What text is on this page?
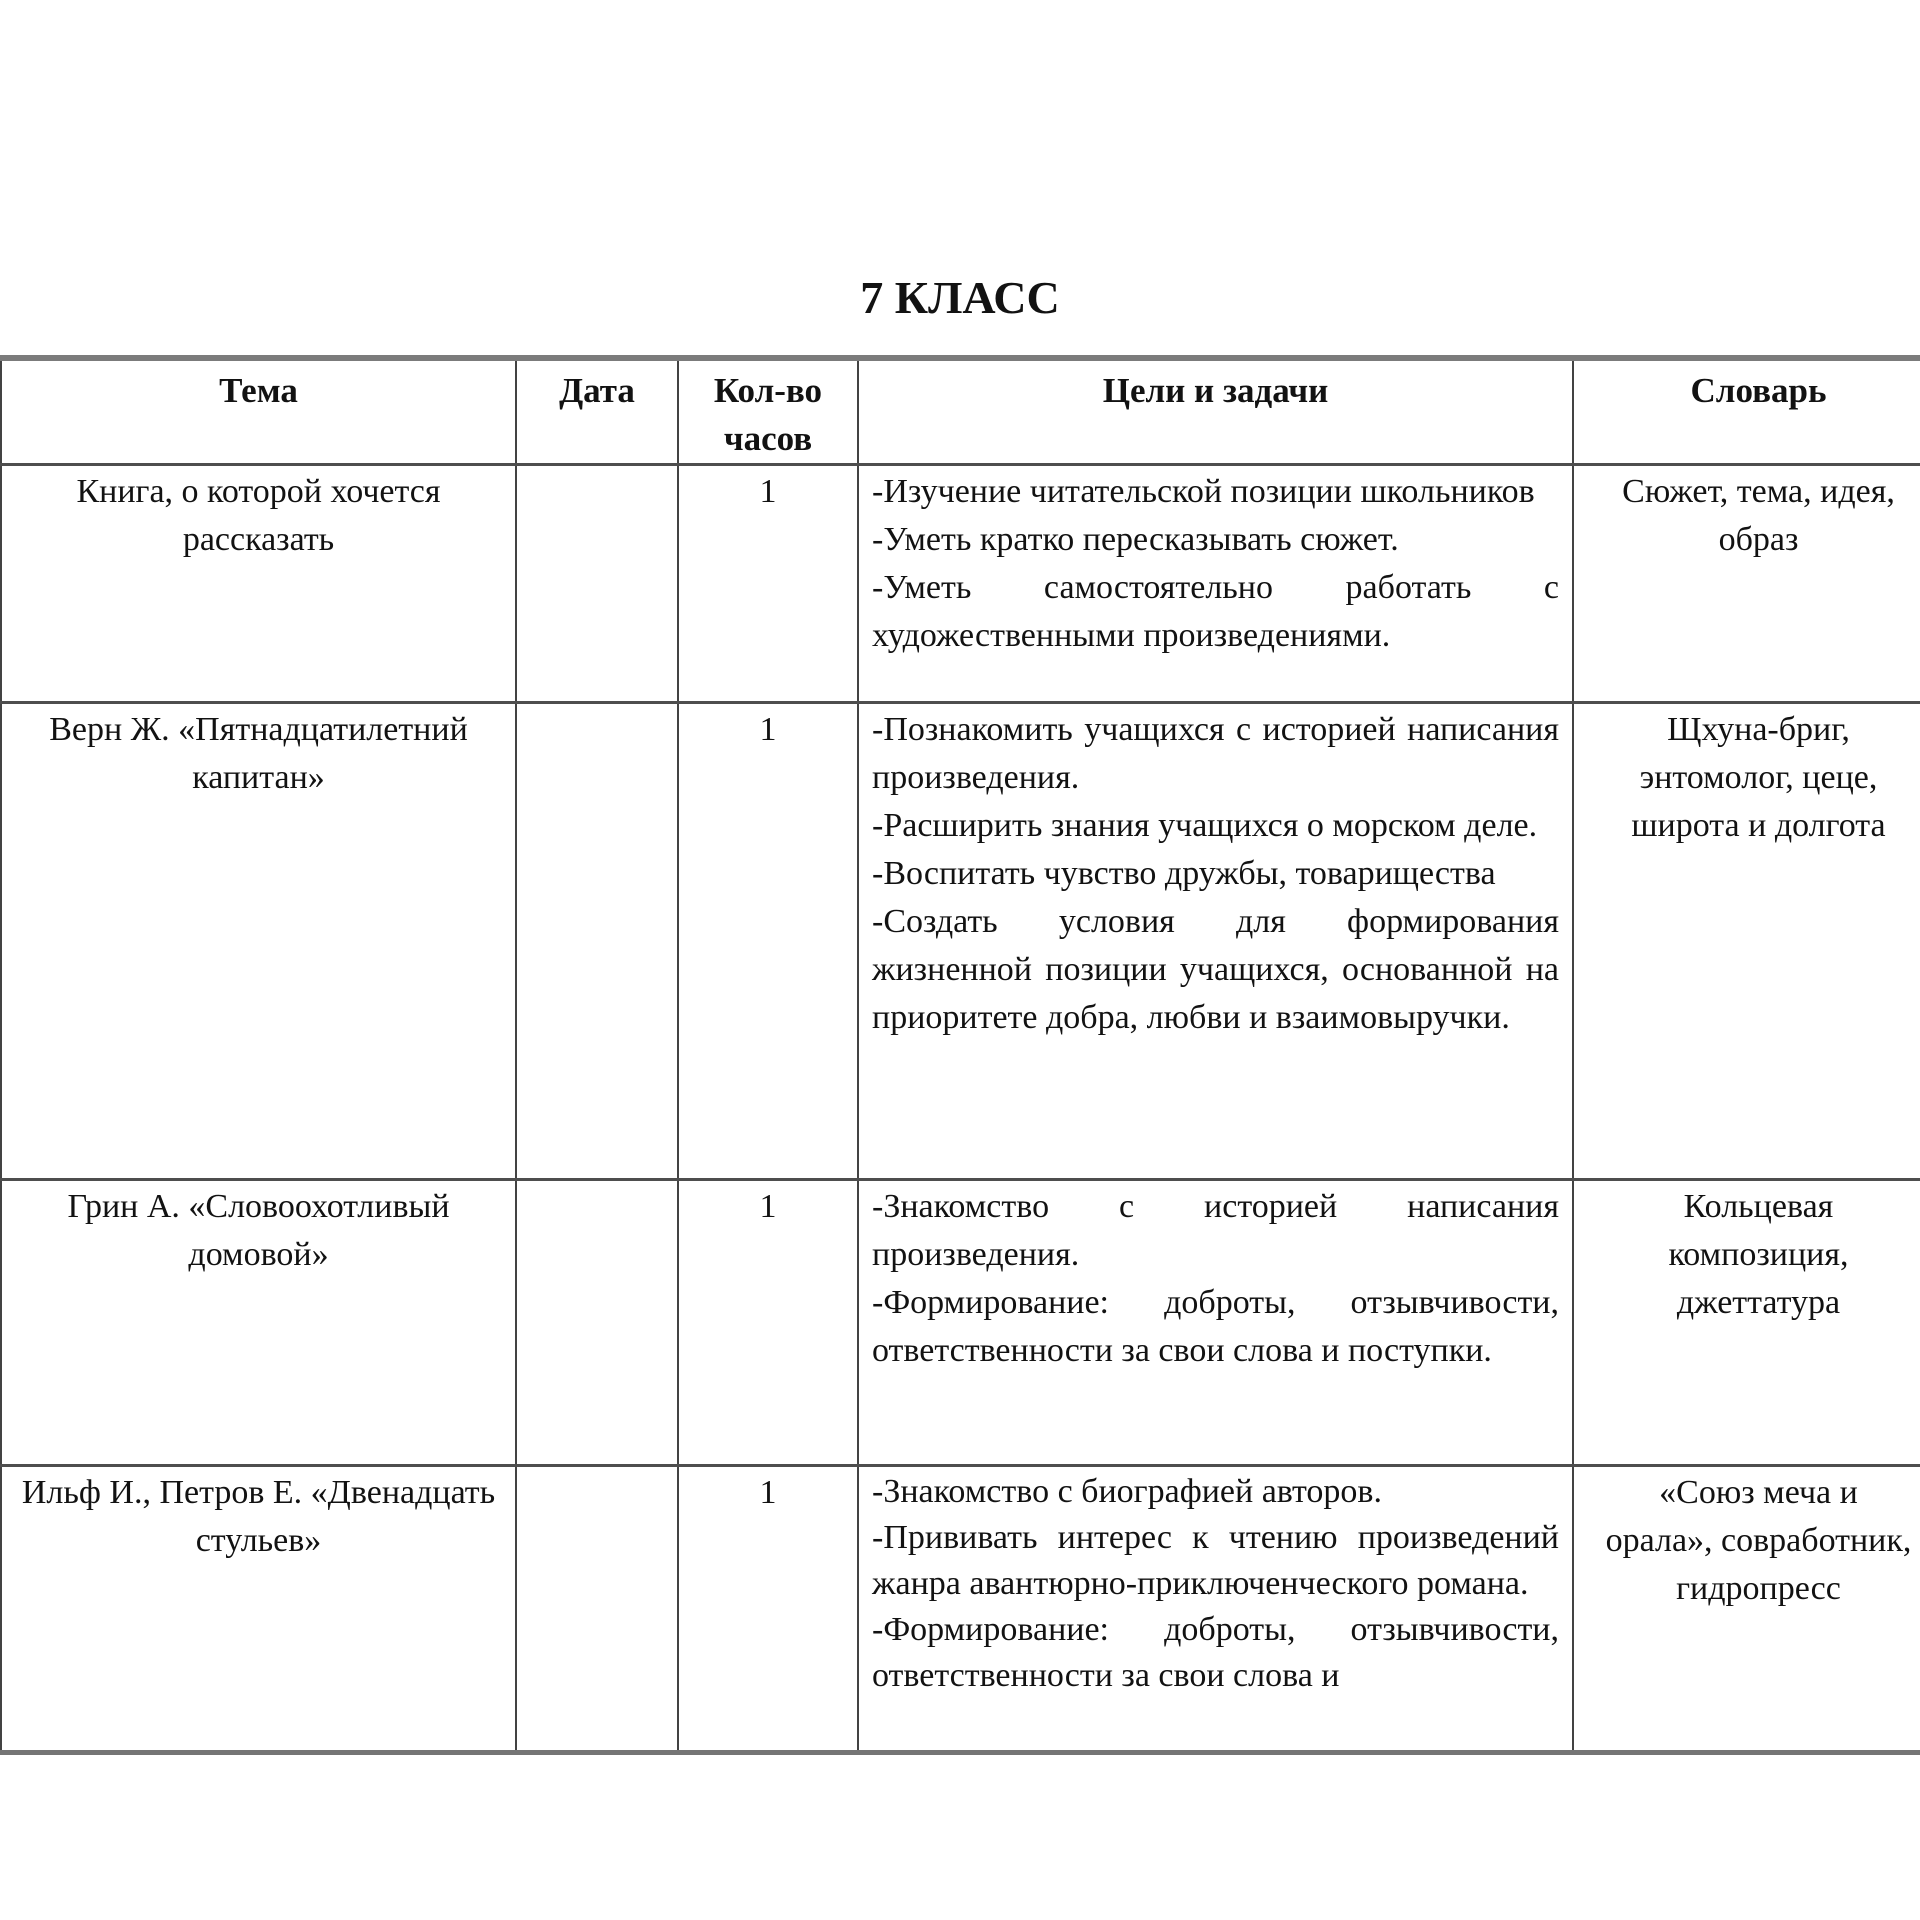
7 КЛАСС
Тема	Дата	Кол-во часов	Цели и задачи	Словарь
Книга, о которой хочется рассказать		1	-Изучение читательской позиции школьников

-Уметь кратко пересказывать сюжет.

-Уметь самостоятельно работать с художественными произведениями.	Сюжет, тема, идея, образ
Верн Ж. «Пятнадцатилетний капитан»		1	-Познакомить учащихся с историей написания произведения.

-Расширить знания учащихся о морском деле.

-Воспитать чувство дружбы, товарищества

-Создать условия для формирования жизненной позиции учащихся, основанной на приоритете добра, любви и взаимовыручки.	Щхуна-бриг, энтомолог, цеце, широта и долгота
Грин А. «Словоохотливый домовой»		1	-Знакомство с историей написания произведения.

-Формирование: доброты, отзывчивости, ответственности за свои слова и поступки.	Кольцевая композиция, джеттатура
Ильф И., Петров Е. «Двенадцать стульев»		1	-Знакомство с биографией авторов.

-Прививать интерес к чтению произведений жанра авантюрно-приключенческого романа.

-Формирование: доброты, отзывчивости, ответственности за свои слова и	«Союз меча и орала», совработник, гидропресс
